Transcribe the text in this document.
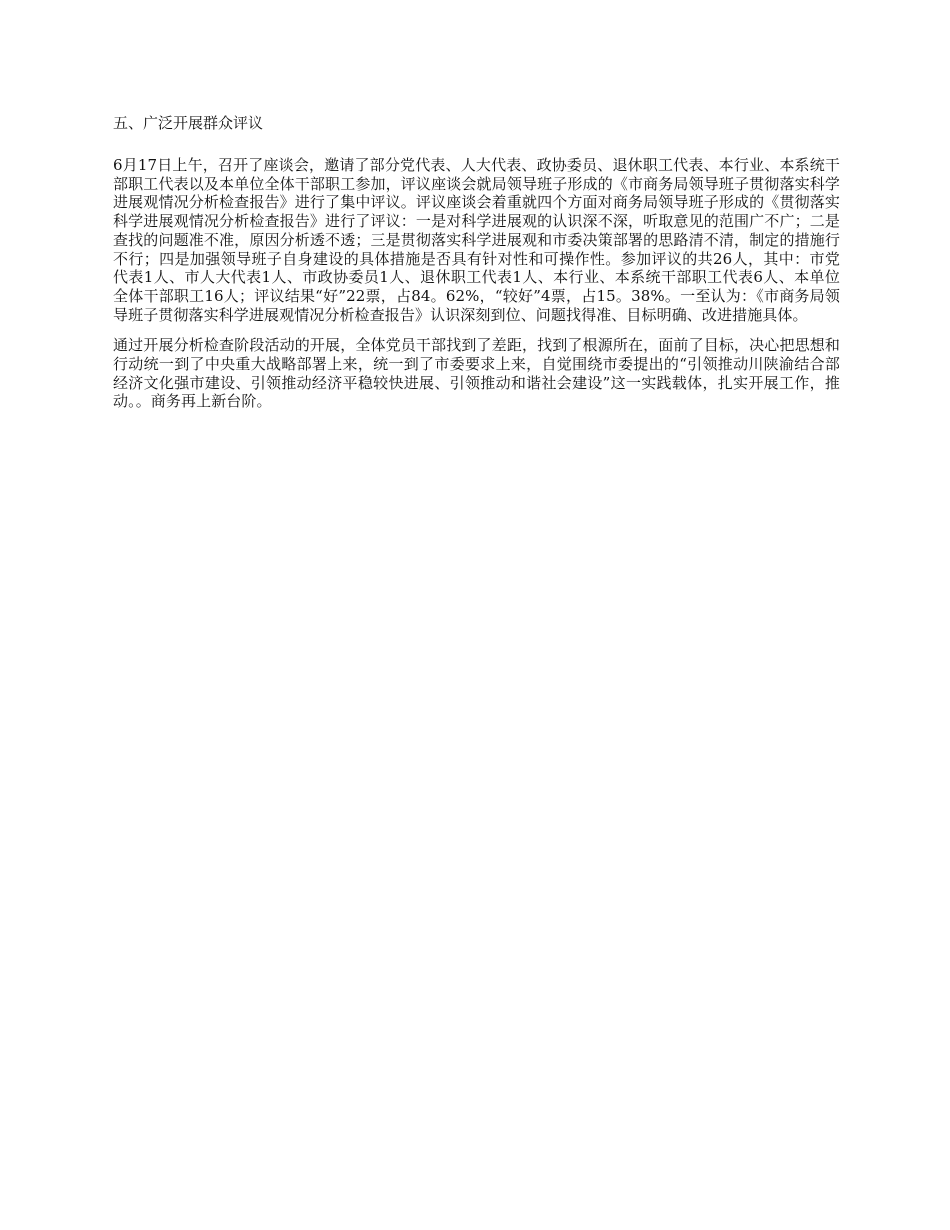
五、广泛开展群众评议

6月17日上午，召开了座谈会，邀请了部分党代表、人大代表、政协委员、退休职工代表、本行业、本系统干部职工代表以及本单位全体干部职工参加，评议座谈会就局领导班子形成的《市商务局领导班子贯彻落实科学进展观情况分析检查报告》进行了集中评议。评议座谈会着重就四个方面对商务局领导班子形成的《贯彻落实科学进展观情况分析检查报告》进行了评议：一是对科学进展观的认识深不深，听取意见的范围广不广；二是查找的问题准不准，原因分析透不透；三是贯彻落实科学进展观和市委决策部署的思路清不清，制定的措施行不行；四是加强领导班子自身建设的具体措施是否具有针对性和可操作性。参加评议的共26人，其中：市党代表1人、市人大代表1人、市政协委员1人、退休职工代表1人、本行业、本系统干部职工代表6人、本单位全体干部职工16人；评议结果“好”22票，占84。62%，“较好”4票，占15。38%。一至认为：《市商务局领导班子贯彻落实科学进展观情况分析检查报告》认识深刻到位、问题找得准、目标明确、改进措施具体。

通过开展分析检查阶段活动的开展，全体党员干部找到了差距，找到了根源所在，面前了目标，决心把思想和行动统一到了中央重大战略部署上来，统一到了市委要求上来，自觉围绕市委提出的“引领推动川陕渝结合部经济文化强市建设、引领推动经济平稳较快进展、引领推动和谐社会建设”这一实践载体，扎实开展工作，推动。。商务再上新台阶。
